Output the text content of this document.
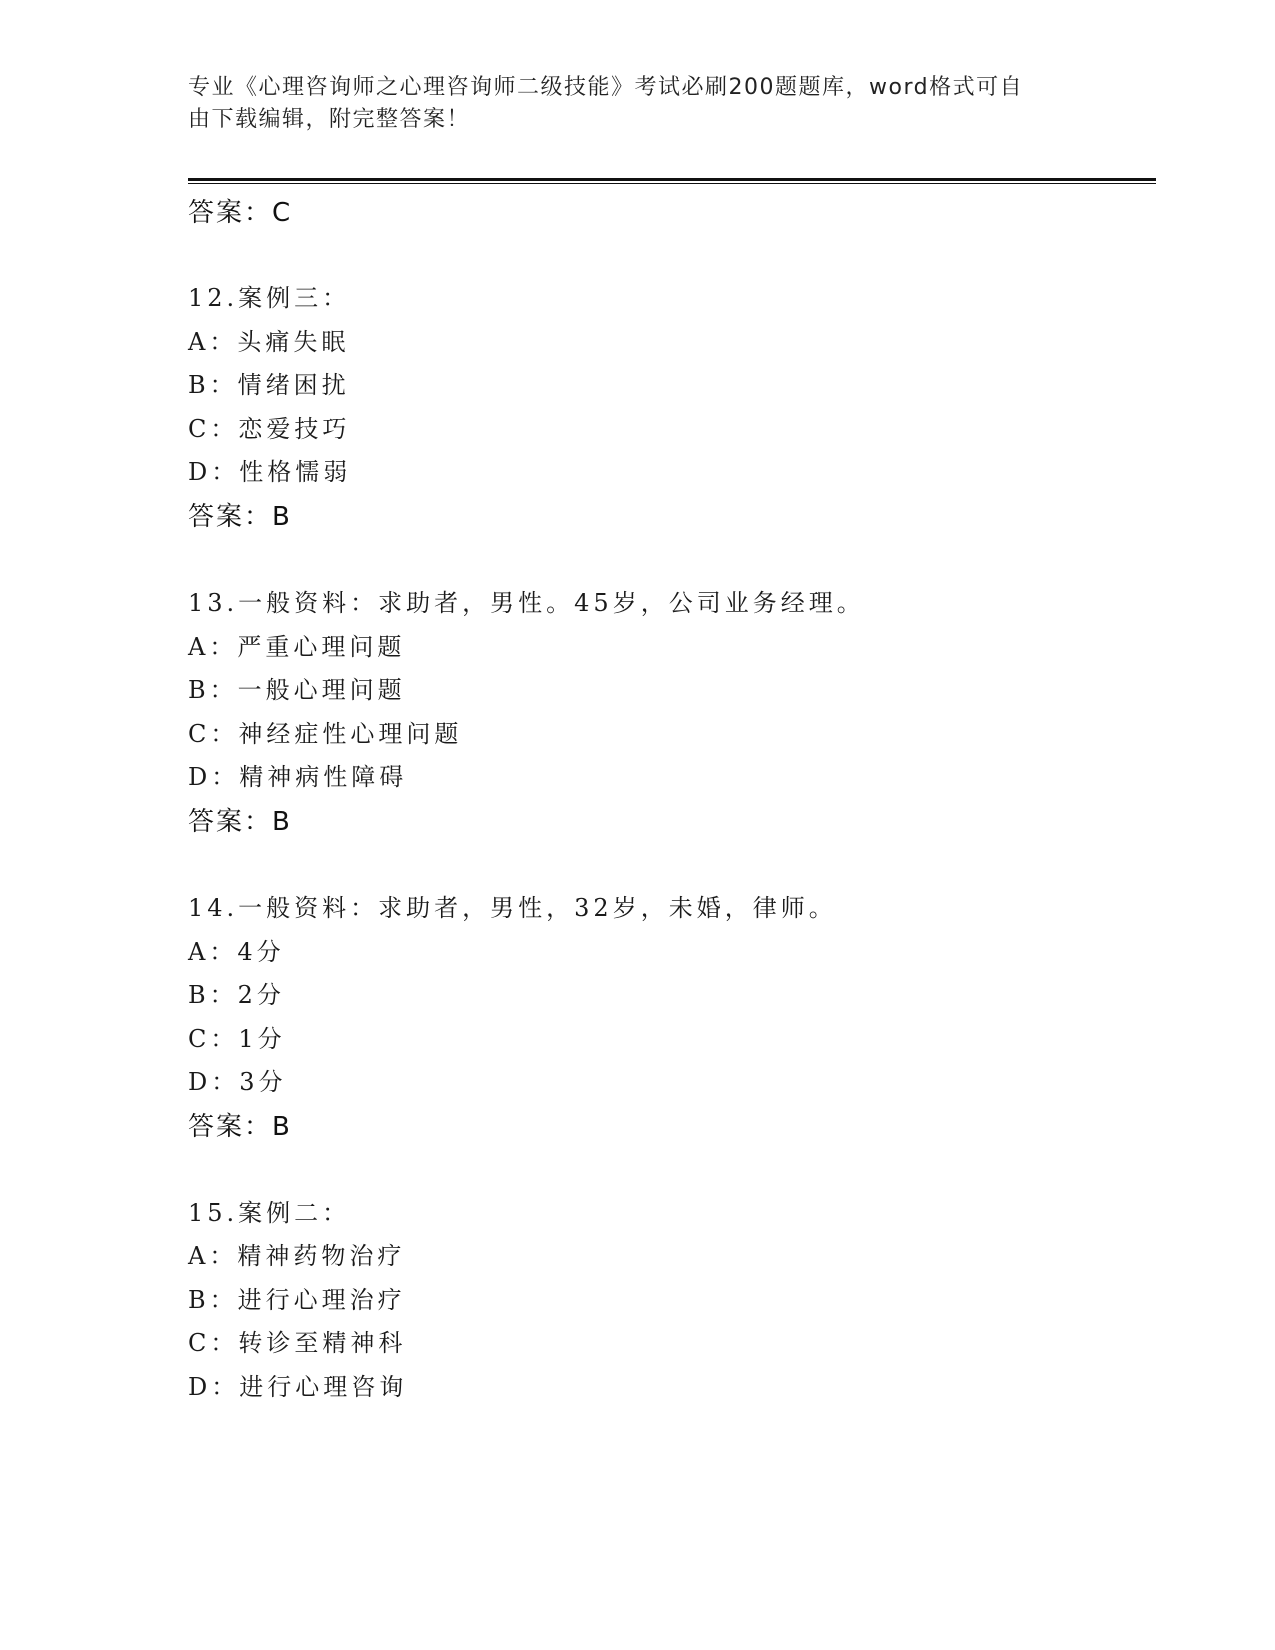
专业《心理咨询师之心理咨询师二级技能》考试必刷200题题库，word格式可自
由下载编辑，附完整答案！
答案：C
12.案例三：
A：头痛失眠
B：情绪困扰
C：恋爱技巧
D：性格懦弱
答案：B
13.一般资料：求助者，男性。45岁，公司业务经理。
A：严重心理问题
B：一般心理问题
C：神经症性心理问题
D：精神病性障碍
答案：B
14.一般资料：求助者，男性，32岁，未婚，律师。
A：4分
B：2分
C：1分
D：3分
答案：B
15.案例二：
A：精神药物治疗
B：进行心理治疗
C：转诊至精神科
D：进行心理咨询
